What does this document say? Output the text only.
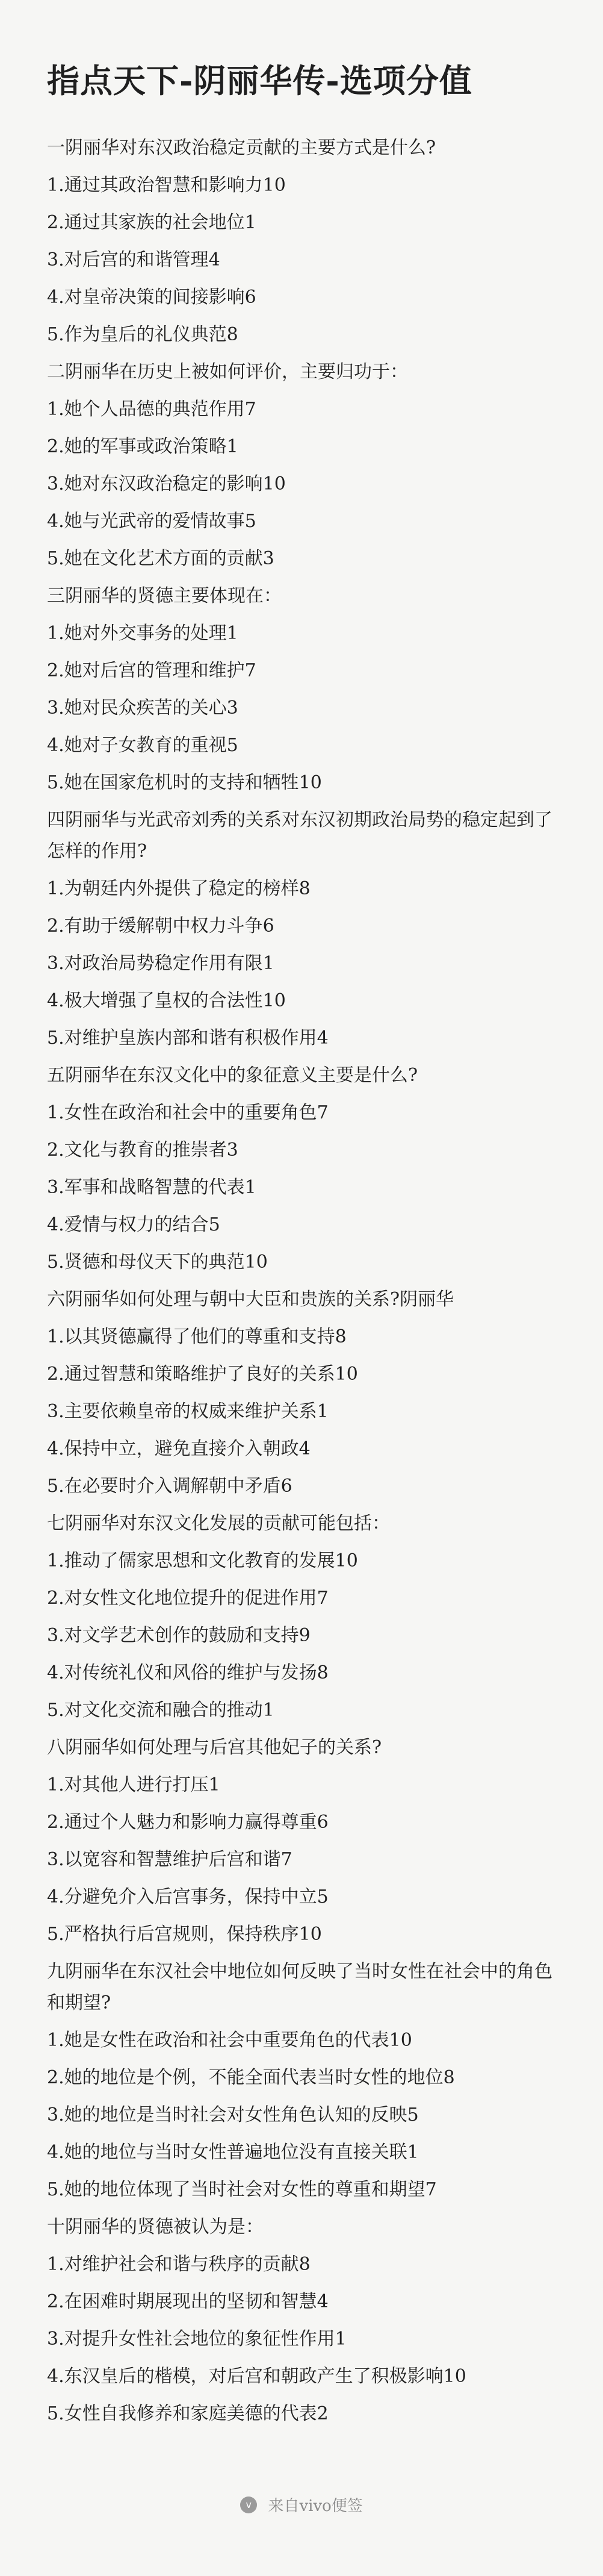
指点天下-阴丽华传-选项分值
一阴丽华对东汉政治稳定贡献的主要方式是什么?
1.通过其政治智慧和影响力10
2.通过其家族的社会地位1
3.对后宫的和谐管理4
4.对皇帝决策的间接影响6
5.作为皇后的礼仪典范8
二阴丽华在历史上被如何评价，主要归功于：
1.她个人品德的典范作用7
2.她的军事或政治策略1
3.她对东汉政治稳定的影响10
4.她与光武帝的爱情故事5
5.她在文化艺术方面的贡献3
三阴丽华的贤德主要体现在：
1.她对外交事务的处理1
2.她对后宫的管理和维护7
3.她对民众疾苦的关心3
4.她对子女教育的重视5
5.她在国家危机时的支持和牺牲10
四阴丽华与光武帝刘秀的关系对东汉初期政治局势的稳定起到了怎样的作用?
1.为朝廷内外提供了稳定的榜样8
2.有助于缓解朝中权力斗争6
3.对政治局势稳定作用有限1
4.极大增强了皇权的合法性10
5.对维护皇族内部和谐有积极作用4
五阴丽华在东汉文化中的象征意义主要是什么?
1.女性在政治和社会中的重要角色7
2.文化与教育的推崇者3
3.军事和战略智慧的代表1
4.爱情与权力的结合5
5.贤德和母仪天下的典范10
六阴丽华如何处理与朝中大臣和贵族的关系?阴丽华
1.以其贤德赢得了他们的尊重和支持8
2.通过智慧和策略维护了良好的关系10
3.主要依赖皇帝的权威来维护关系1
4.保持中立，避免直接介入朝政4
5.在必要时介入调解朝中矛盾6
七阴丽华对东汉文化发展的贡献可能包括：
1.推动了儒家思想和文化教育的发展10
2.对女性文化地位提升的促进作用7
3.对文学艺术创作的鼓励和支持9
4.对传统礼仪和风俗的维护与发扬8
5.对文化交流和融合的推动1
八阴丽华如何处理与后宫其他妃子的关系?
1.对其他人进行打压1
2.通过个人魅力和影响力赢得尊重6
3.以宽容和智慧维护后宫和谐7
4.分避免介入后宫事务，保持中立5
5.严格执行后宫规则，保持秩序10
九阴丽华在东汉社会中地位如何反映了当时女性在社会中的角色和期望?
1.她是女性在政治和社会中重要角色的代表10
2.她的地位是个例，不能全面代表当时女性的地位8
3.她的地位是当时社会对女性角色认知的反映5
4.她的地位与当时女性普遍地位没有直接关联1
5.她的地位体现了当时社会对女性的尊重和期望7
十阴丽华的贤德被认为是：
1.对维护社会和谐与秩序的贡献8
2.在困难时期展现出的坚韧和智慧4
3.对提升女性社会地位的象征性作用1
4.东汉皇后的楷模，对后宫和朝政产生了积极影响10
5.女性自我修养和家庭美德的代表2
v 来自vivo便签
